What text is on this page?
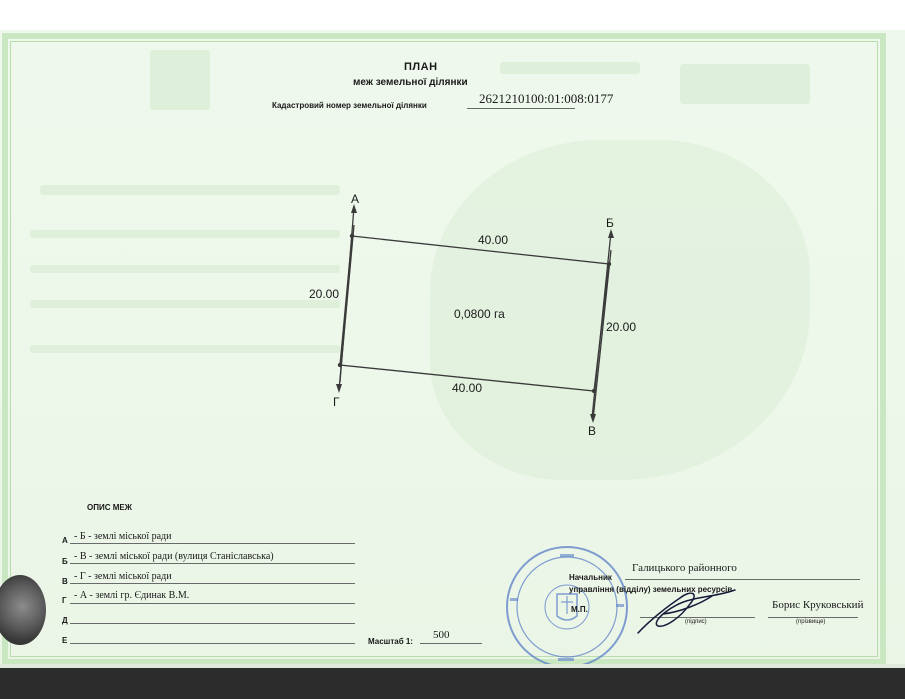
ПЛАН
меж земельної ділянки
Кадастровий номер земельної ділянки	2621210100:01:008:0177
А
Б
В
Г
40.00
40.00
20.00
20.00
0,0800 га
ОПИС МЕЖ
А - Б - землі міської ради
Б - В - землі міської ради (вулиця Станіславська)
В - Г - землі міської ради
Г - А - землі гр. Єдинак В.М.
Д
Е	Масштаб 1:
500
Галицького районного
Начальник
управління (відділу) земельних ресурсів
М.П.
(підпис)
Борис Круковський
(прізвище)
